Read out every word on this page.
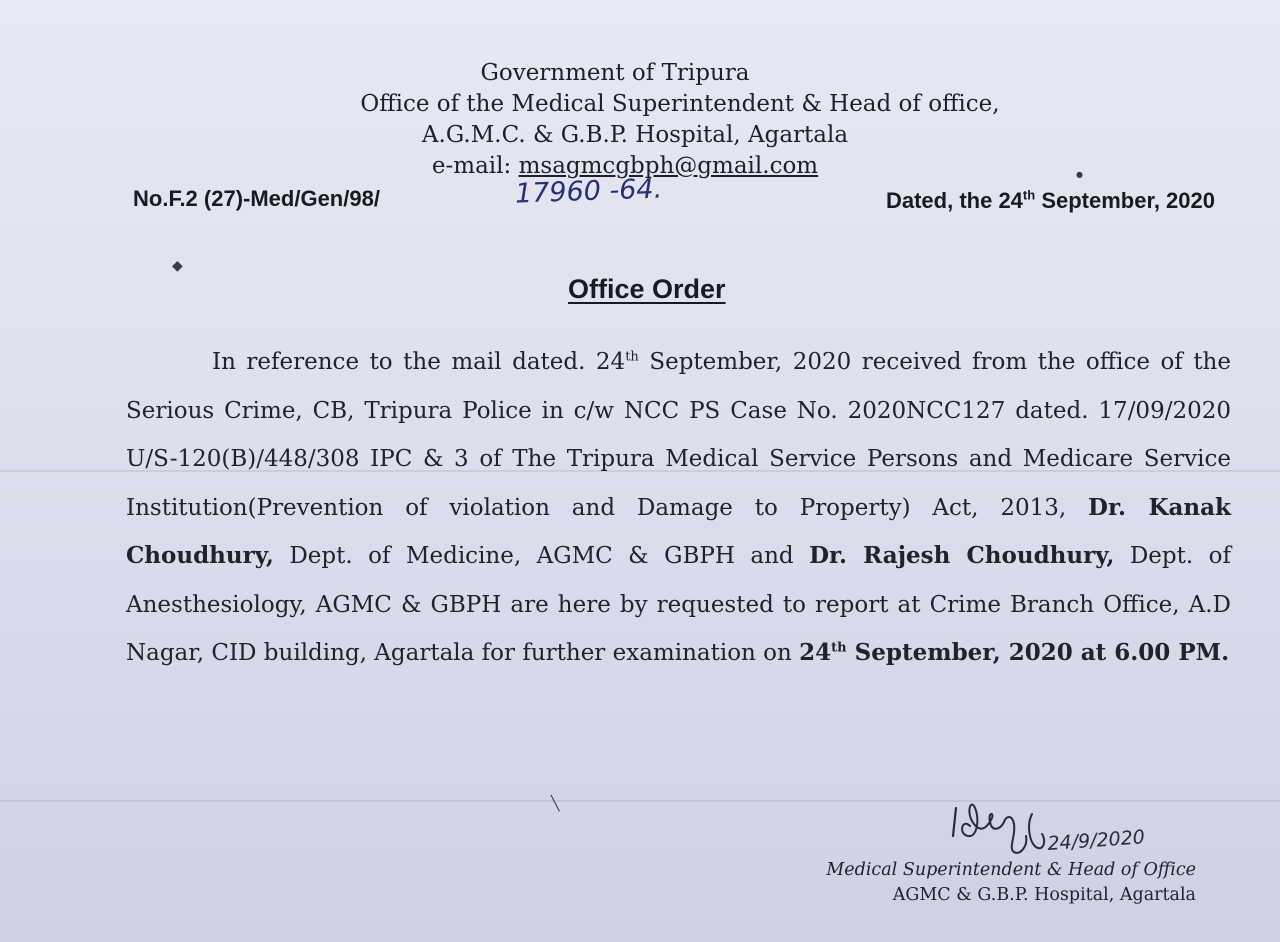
Government of Tripura
Office of the Medical Superintendent & Head of office,
A.G.M.C. & G.B.P. Hospital, Agartala
e-mail: msagmcgbph@gmail.com
No.F.2 (27)-Med/Gen/98/	17960 -64.	Dated, the 24th September, 2020
Office Order

In reference to the mail dated. 24th September, 2020 received from the office of the Serious Crime, CB, Tripura Police in c/w NCC PS Case No. 2020NCC127 dated. 17/09/2020 U/S-120(B)/448/308 IPC & 3 of The Tripura Medical Service Persons and Medicare Service Institution(Prevention of violation and Damage to Property) Act, 2013, Dr. Kanak Choudhury, Dept. of Medicine, AGMC & GBPH and Dr. Rajesh Choudhury, Dept. of Anesthesiology, AGMC & GBPH are here by requested to report at Crime Branch Office, A.D Nagar, CID building, Agartala for further examination on 24th September, 2020 at 6.00 PM.

24/9/2020
Medical Superintendent & Head of Office
AGMC & G.B.P. Hospital, Agartala
◆
╲
●
